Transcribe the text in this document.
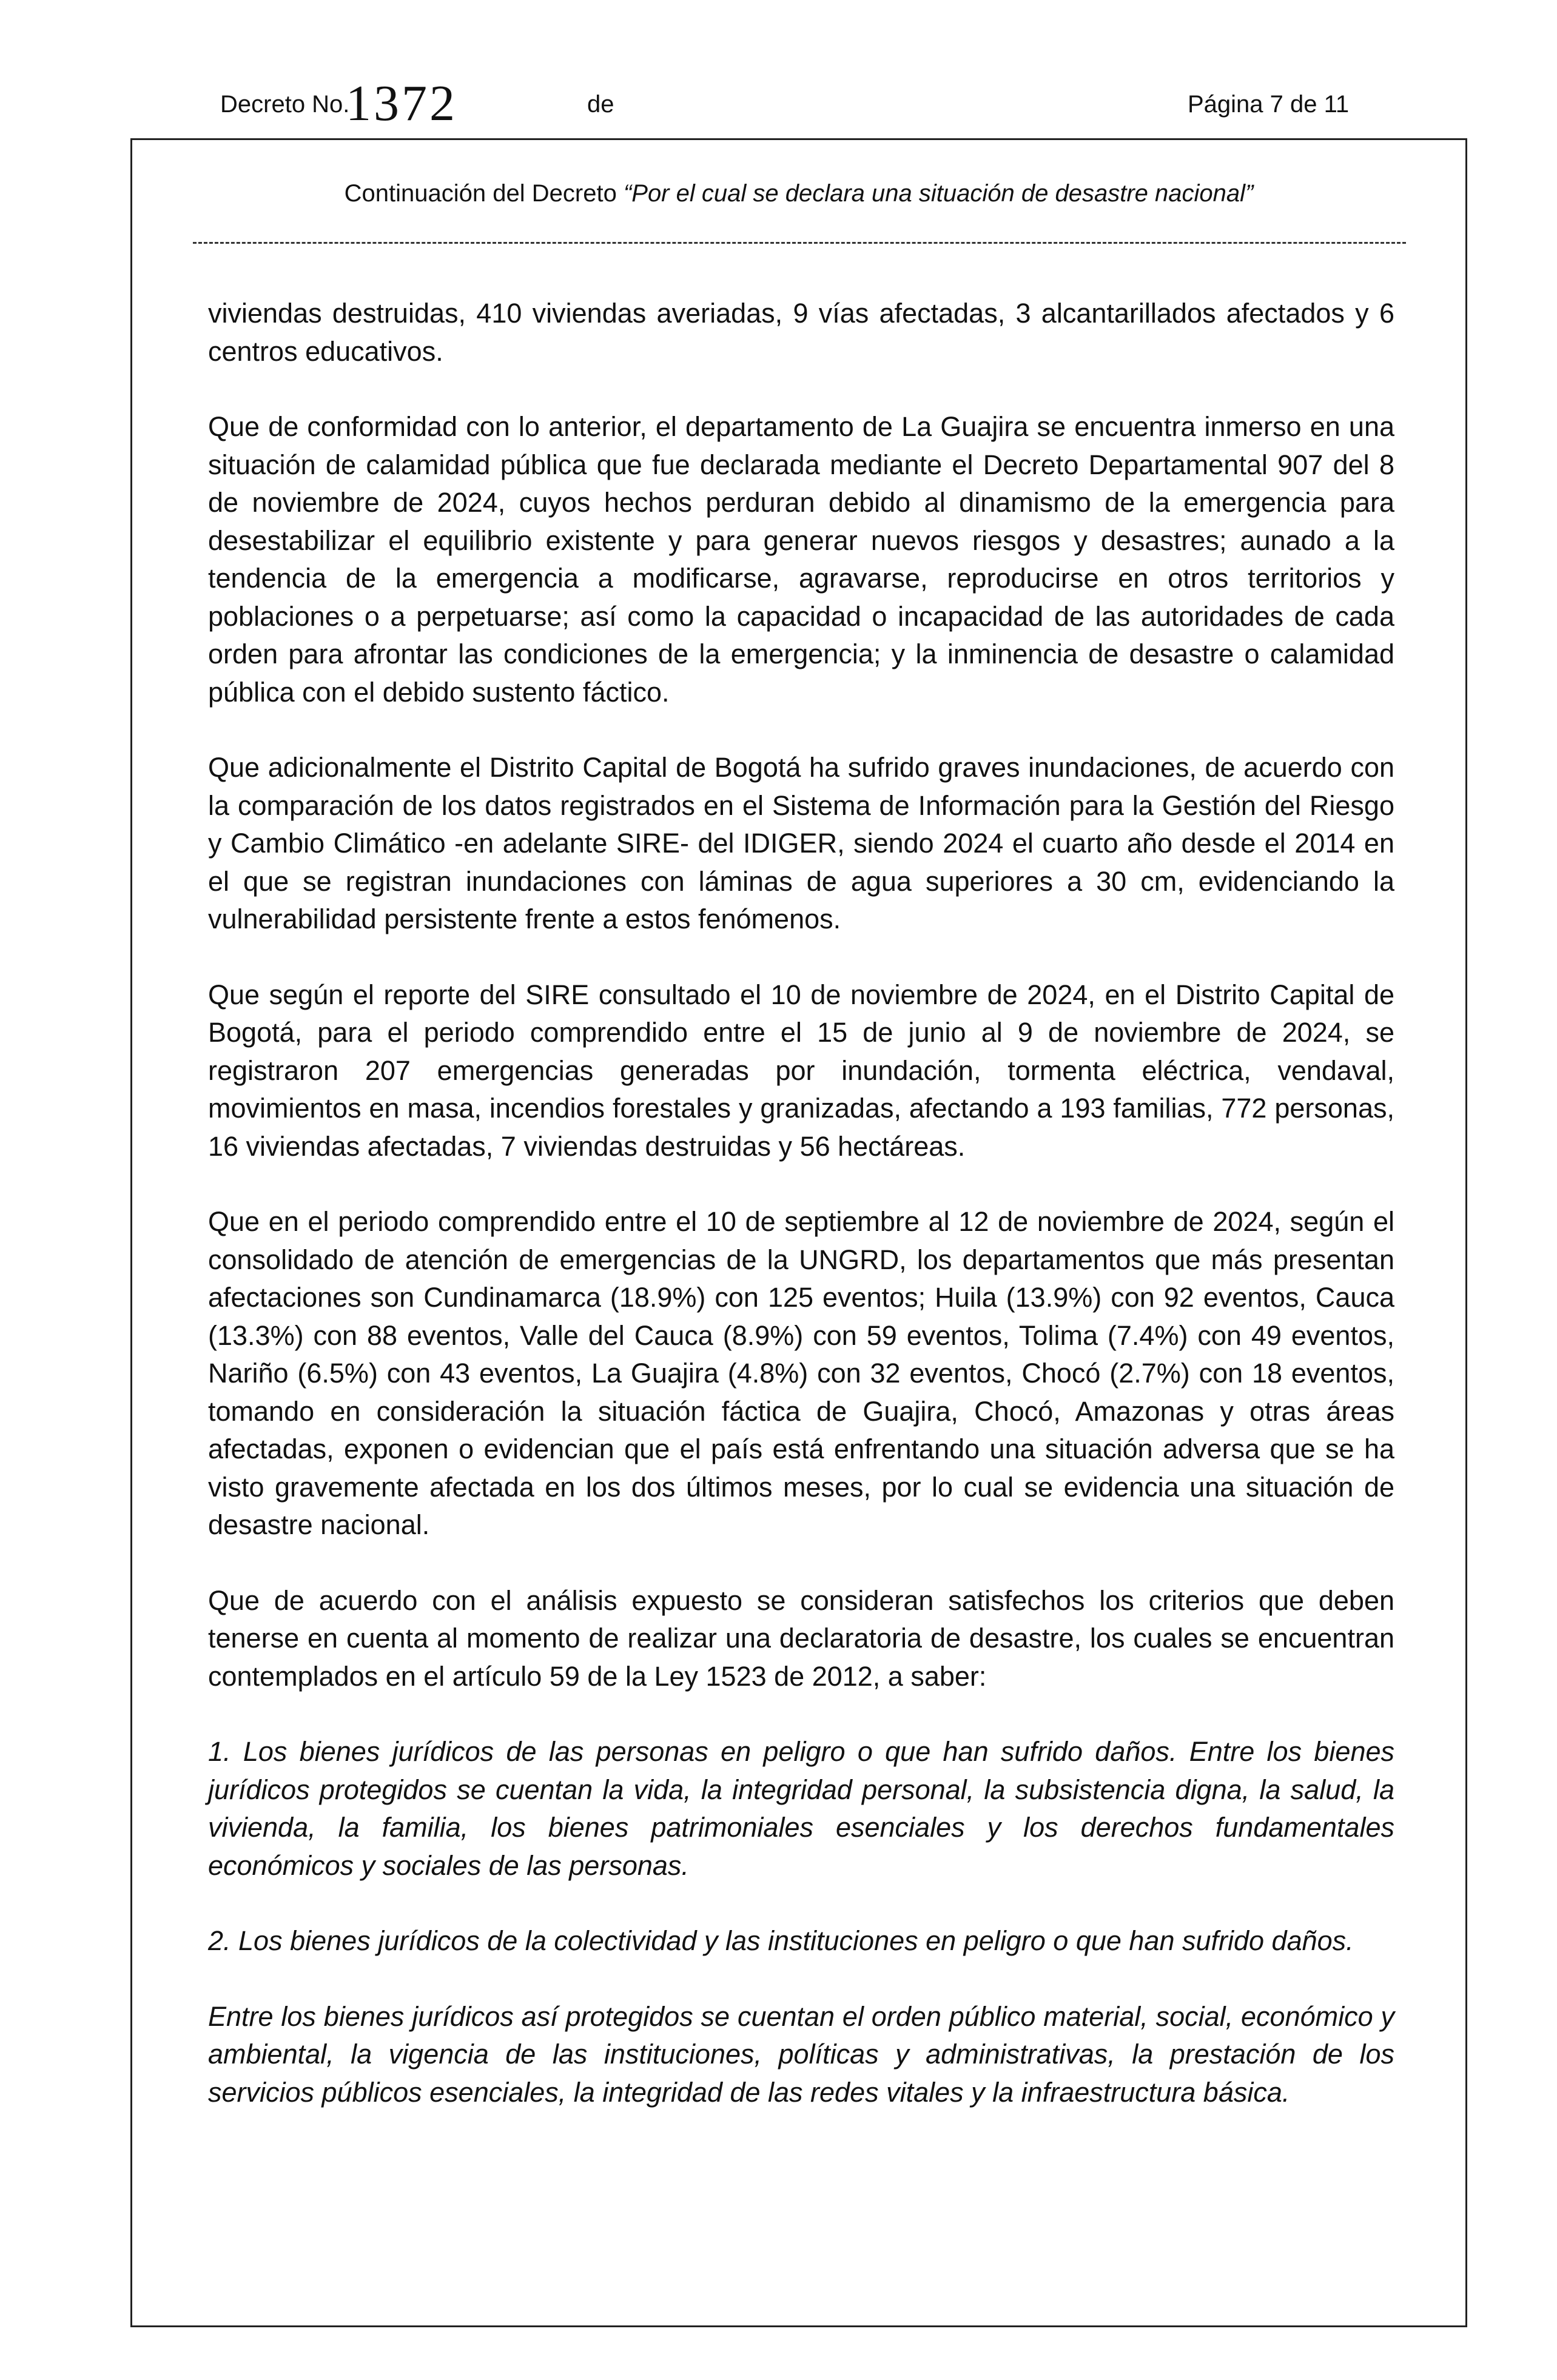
Decreto No.
1372	de	Página 7 de 11
Continuación del Decreto “Por el cual se declara una situación de desastre nacional”

viviendas destruidas, 410 viviendas averiadas, 9 vías afectadas, 3 alcantarillados afectados y 6 centros educativos.

Que de conformidad con lo anterior, el departamento de La Guajira se encuentra inmerso en una situación de calamidad pública que fue declarada mediante el Decreto Departamental 907 del 8 de noviembre de 2024, cuyos hechos perduran debido al dinamismo de la emergencia para desestabilizar el equilibrio existente y para generar nuevos riesgos y desastres; aunado a la tendencia de la emergencia a modificarse, agravarse, reproducirse en otros territorios y poblaciones o a perpetuarse; así como la capacidad o incapacidad de las autoridades de cada orden para afrontar las condiciones de la emergencia; y la inminencia de desastre o calamidad pública con el debido sustento fáctico.

Que adicionalmente el Distrito Capital de Bogotá ha sufrido graves inundaciones, de acuerdo con la comparación de los datos registrados en el Sistema de Información para la Gestión del Riesgo y Cambio Climático -en adelante SIRE- del IDIGER, siendo 2024 el cuarto año desde el 2014 en el que se registran inundaciones con láminas de agua superiores a 30 cm, evidenciando la vulnerabilidad persistente frente a estos fenómenos.

Que según el reporte del SIRE consultado el 10 de noviembre de 2024, en el Distrito Capital de Bogotá, para el periodo comprendido entre el 15 de junio al 9 de noviembre de 2024, se registraron 207 emergencias generadas por inundación, tormenta eléctrica, vendaval, movimientos en masa, incendios forestales y granizadas, afectando a 193 familias, 772 personas, 16 viviendas afectadas, 7 viviendas destruidas y 56 hectáreas.

Que en el periodo comprendido entre el 10 de septiembre al 12 de noviembre de 2024, según el consolidado de atención de emergencias de la UNGRD, los departamentos que más presentan afectaciones son Cundinamarca (18.9%) con 125 eventos; Huila (13.9%) con 92 eventos, Cauca (13.3%) con 88 eventos, Valle del Cauca (8.9%) con 59 eventos, Tolima (7.4%) con 49 eventos, Nariño (6.5%) con 43 eventos, La Guajira (4.8%) con 32 eventos, Chocó (2.7%) con 18 eventos, tomando en consideración la situación fáctica de Guajira, Chocó, Amazonas y otras áreas afectadas, exponen o evidencian que el país está enfrentando una situación adversa que se ha visto gravemente afectada en los dos últimos meses, por lo cual se evidencia una situación de desastre nacional.

Que de acuerdo con el análisis expuesto se consideran satisfechos los criterios que deben tenerse en cuenta al momento de realizar una declaratoria de desastre, los cuales se encuentran contemplados en el artículo 59 de la Ley 1523 de 2012, a saber:

1. Los bienes jurídicos de las personas en peligro o que han sufrido daños. Entre los bienes jurídicos protegidos se cuentan la vida, la integridad personal, la subsistencia digna, la salud, la vivienda, la familia, los bienes patrimoniales esenciales y los derechos fundamentales económicos y sociales de las personas.

2. Los bienes jurídicos de la colectividad y las instituciones en peligro o que han sufrido daños.

Entre los bienes jurídicos así protegidos se cuentan el orden público material, social, económico y ambiental, la vigencia de las instituciones, políticas y administrativas, la prestación de los servicios públicos esenciales, la integridad de las redes vitales y la infraestructura básica.
